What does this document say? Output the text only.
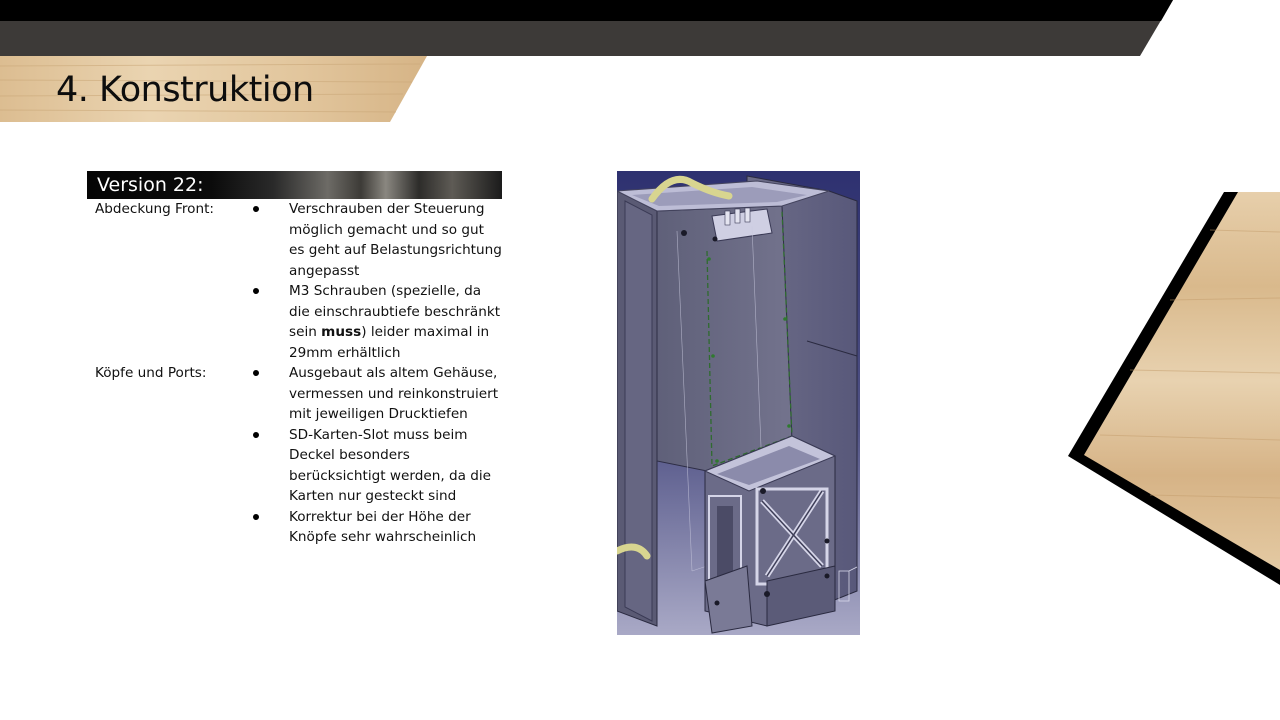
4. Konstruktion
Version 22:
Abdeckung Front:	Verschrauben der Steuerung möglich gemacht und so gut es geht auf Belastungsrichtung angepasst
M3 Schrauben (spezielle, da die einschraubtiefe beschränkt sein muss) leider maximal in 29mm erhältlich
Köpfe und Ports:	Ausgebaut als altem Gehäuse, vermessen und reinkonstruiert mit jeweiligen Drucktiefen
SD-Karten-Slot muss beim Deckel besonders berücksichtigt werden, da die Karten nur gesteckt sind
Korrektur bei der Höhe der Knöpfe sehr wahrscheinlich
